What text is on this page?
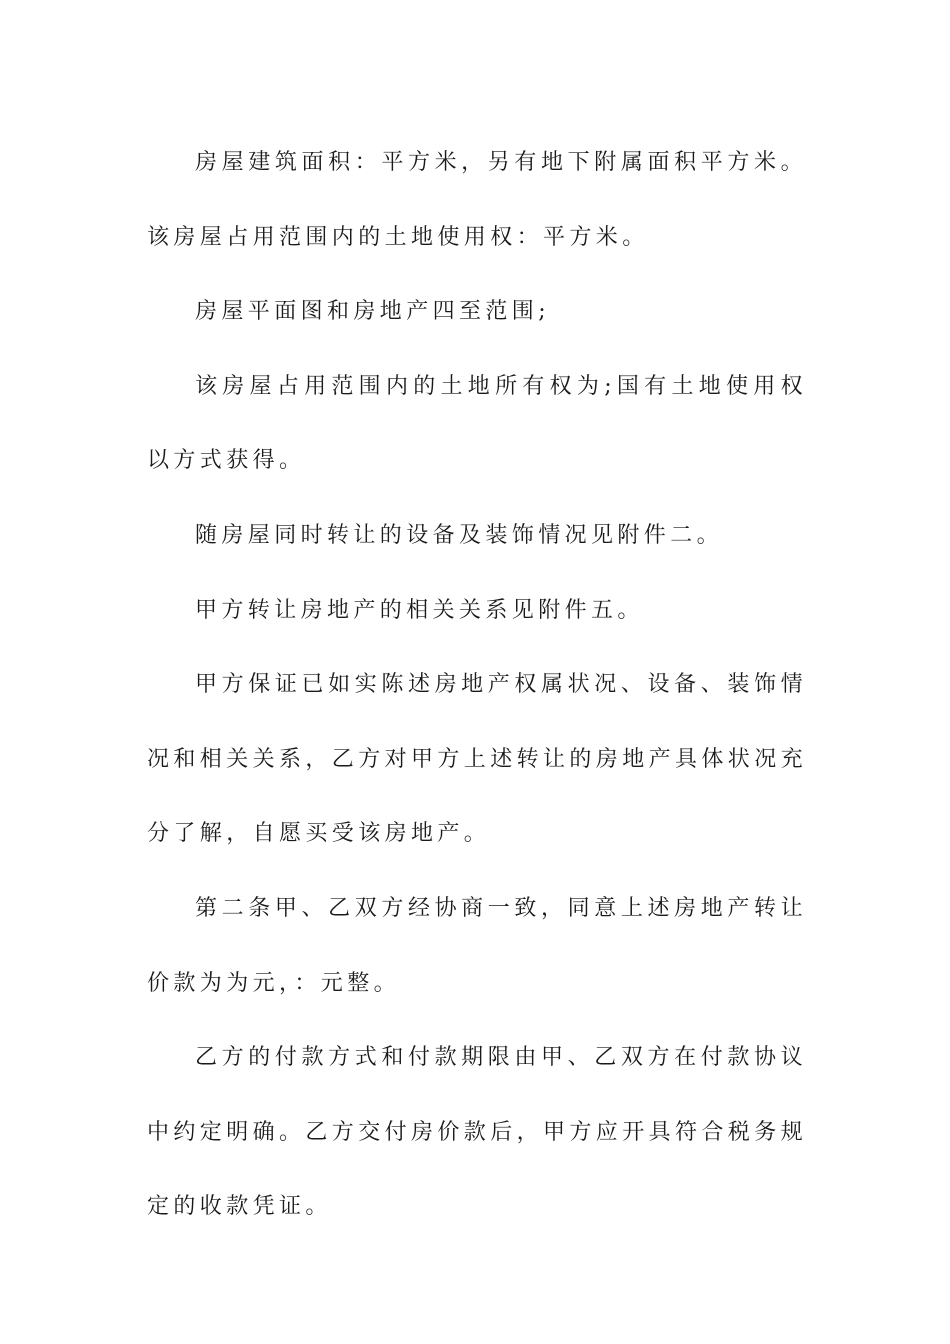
房屋建筑面积：平方米，另有地下附属面积平方米。该房屋占用范围内的土地使用权：平方米。

房屋平面图和房地产四至范围;

该房屋占用范围内的土地所有权为;国有土地使用权以方式获得。

随房屋同时转让的设备及装饰情况见附件二。

甲方转让房地产的相关关系见附件五。

甲方保证已如实陈述房地产权属状况、设备、装饰情况和相关关系，乙方对甲方上述转让的房地产具体状况充分了解，自愿买受该房地产。

第二条甲、乙双方经协商一致，同意上述房地产转让价款为为元，：元整。

乙方的付款方式和付款期限由甲、乙双方在付款协议中约定明确。乙方交付房价款后，甲方应开具符合税务规定的收款凭证。
